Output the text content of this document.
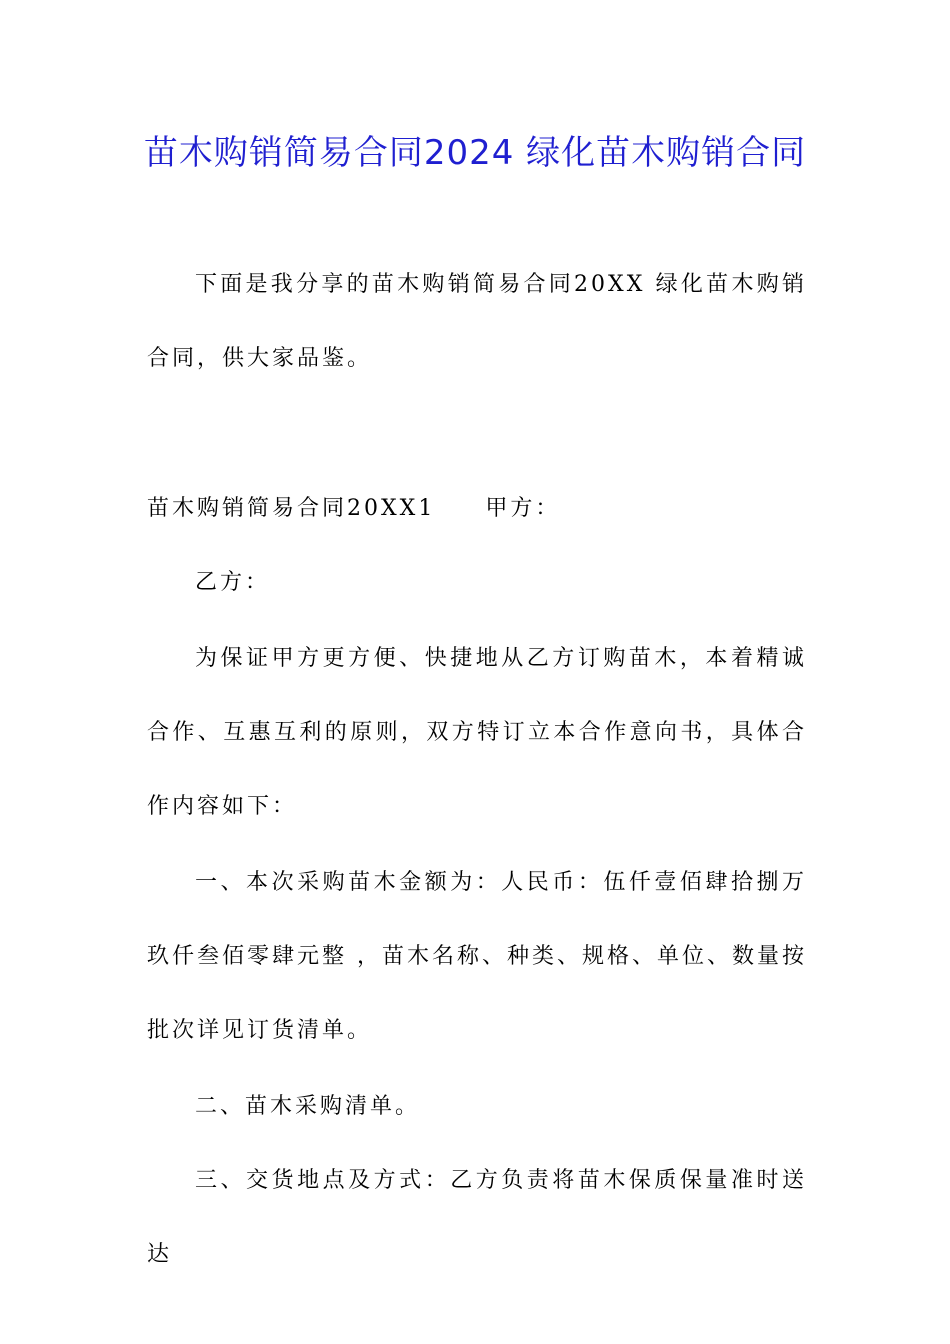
苗木购销简易合同2024 绿化苗木购销合同

下面是我分享的苗木购销简易合同20XX 绿化苗木购销合同，供大家品鉴。

苗木购销简易合同20XX1 甲方：

乙方：

为保证甲方更方便、快捷地从乙方订购苗木，本着精诚合作、互惠互利的原则，双方特订立本合作意向书，具体合作内容如下：

一、本次采购苗木金额为：人民币：伍仟壹佰肆拾捌万玖仟叁佰零肆元整 ，苗木名称、种类、规格、单位、数量按批次详见订货清单。

二、苗木采购清单。

三、交货地点及方式：乙方负责将苗木保质保量准时送达
